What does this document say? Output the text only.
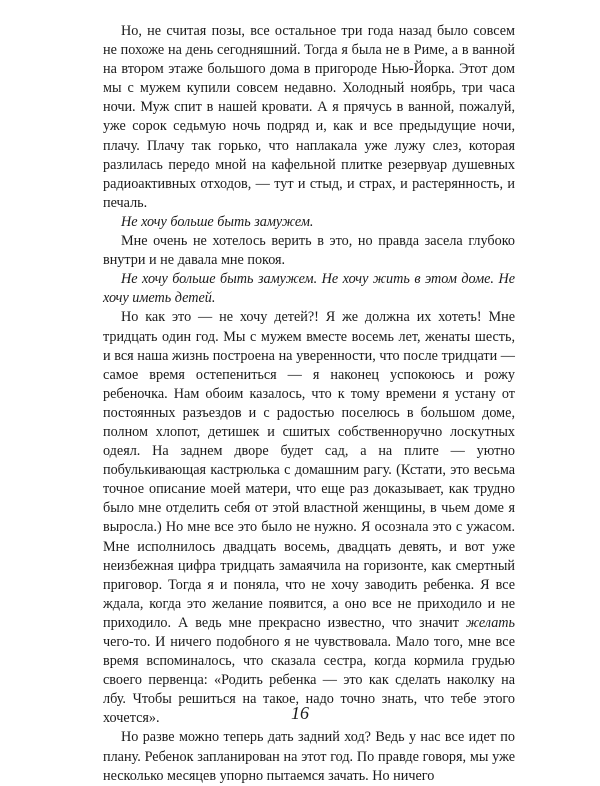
Но, не считая позы, все остальное три года назад было совсем не похоже на день сегодняшний. Тогда я была не в Риме, а в ванной на втором этаже большого дома в пригороде Нью-Йорка. Этот дом мы с мужем купили совсем недавно. Холодный ноябрь, три часа ночи. Муж спит в нашей кровати. А я прячусь в ванной, пожалуй, уже сорок седьмую ночь подряд и, как и все предыдущие ночи, плачу. Плачу так горько, что наплакала уже лужу слез, которая разлилась передо мной на кафельной плитке резервуар душевных радиоактивных отходов, — тут и стыд, и страх, и растерянность, и печаль.

Не хочу больше быть замужем.

Мне очень не хотелось верить в это, но правда засела глубоко внутри и не давала мне покоя.

Не хочу больше быть замужем. Не хочу жить в этом доме. Не хочу иметь детей.

Но как это — не хочу детей?! Я же должна их хотеть! Мне тридцать один год. Мы с мужем вместе восемь лет, женаты шесть, и вся наша жизнь построена на уверенности, что после тридцати — самое время остепениться — я наконец успокоюсь и рожу ребеночка. Нам обоим казалось, что к тому времени я устану от постоянных разъездов и с радостью поселюсь в большом доме, полном хлопот, детишек и сшитых собственноручно лоскутных одеял. На заднем дворе будет сад, а на плите — уютно побулькивающая кастрюлька с домашним рагу. (Кстати, это весьма точное описание моей матери, что еще раз доказывает, как трудно было мне отделить себя от этой властной женщины, в чьем доме я выросла.) Но мне все это было не нужно. Я осознала это с ужасом. Мне исполнилось двадцать восемь, двадцать девять, и вот уже неизбежная цифра тридцать замаячила на горизонте, как смертный приговор. Тогда я и поняла, что не хочу заводить ребенка. Я все ждала, когда это желание появится, а оно все не приходило и не приходило. А ведь мне прекрасно известно, что значит желать чего-то. И ничего подобного я не чувствовала. Мало того, мне все время вспоминалось, что сказала сестра, когда кормила грудью своего первенца: «Родить ребенка — это как сделать наколку на лбу. Чтобы решиться на такое, надо точно знать, что тебе этого хочется».

Но разве можно теперь дать задний ход? Ведь у нас все идет по плану. Ребенок запланирован на этот год. По правде говоря, мы уже несколько месяцев упорно пытаемся зачать. Но ничего

16
